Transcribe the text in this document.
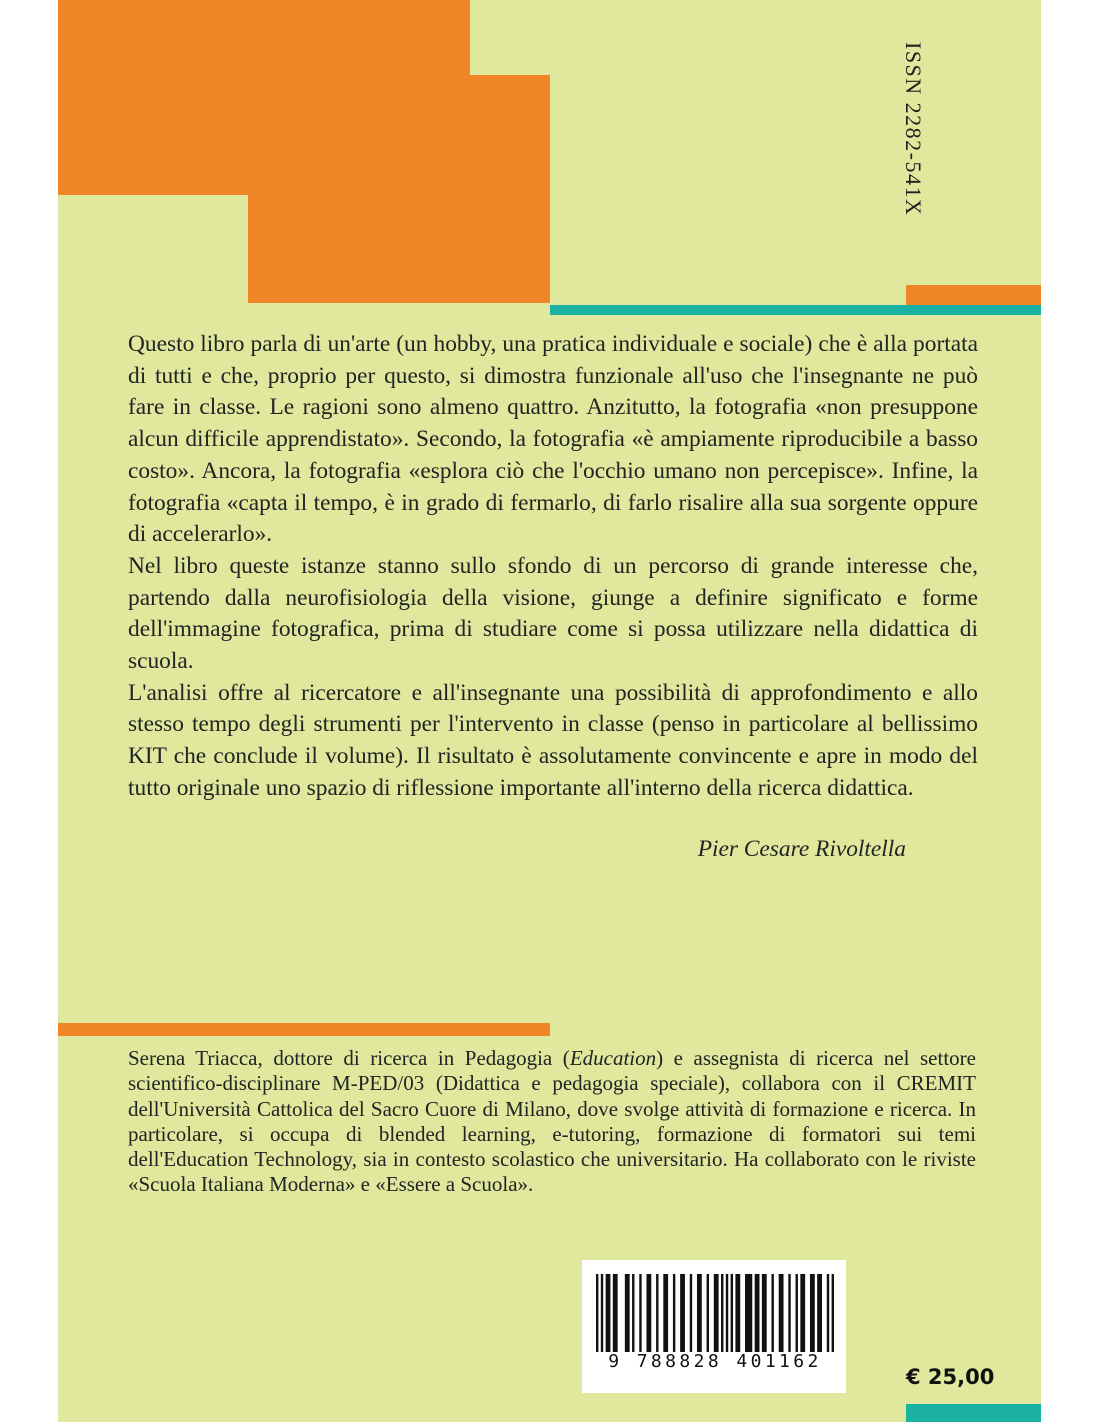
ISSN 2282-541X

Questo libro parla di un'arte (un hobby, una pratica individuale e sociale) che è alla portata di tutti e che, proprio per questo, si dimostra funzionale all'uso che l'insegnante ne può fare in classe. Le ragioni sono almeno quattro. Anzitutto, la fotografia «non presuppone alcun difficile apprendistato». Secondo, la fotografia «è ampiamente riproducibile a basso costo». Ancora, la fotografia «esplora ciò che l'occhio umano non percepisce». Infine, la fotografia «capta il tempo, è in grado di fermarlo, di farlo risalire alla sua sorgente oppure di accelerarlo».

Nel libro queste istanze stanno sullo sfondo di un percorso di grande interesse che, partendo dalla neurofisiologia della visione, giunge a definire significato e forme dell'immagine fotografica, prima di studiare come si possa utilizzare nella didattica di scuola.

L'analisi offre al ricercatore e all'insegnante una possibilità di approfondimento e allo stesso tempo degli strumenti per l'intervento in classe (penso in particolare al bellissimo KIT che conclude il volume). Il risultato è assolutamente convincente e apre in modo del tutto originale uno spazio di riflessione importante all'interno della ricerca didattica.

Pier Cesare Rivoltella
Serena Triacca, dottore di ricerca in Pedagogia (Education) e assegnista di ricerca nel settore scientifico-disciplinare M-PED/03 (Didattica e pedagogia speciale), collabora con il CREMIT dell'Università Cattolica del Sacro Cuore di Milano, dove svolge attività di formazione e ricerca. In particolare, si occupa di blended learning, e-tutoring, formazione di formatori sui temi dell'Education Technology, sia in contesto scolastico che universitario. Ha collaborato con le riviste «Scuola Italiana Moderna» e «Essere a Scuola».
9 788828 401162
€ 25,00
